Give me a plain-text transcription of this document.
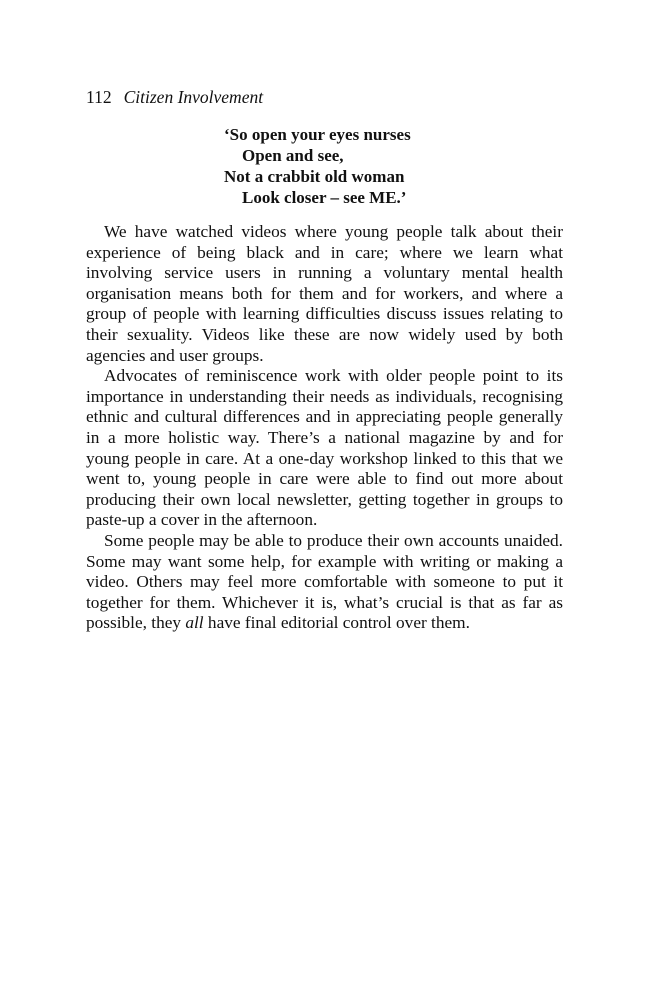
112 Citizen Involvement
‘So open your eyes nurses
Open and see,
Not a crabbit old woman
Look closer – see ME.’

We have watched videos where young people talk about their experience of being black and in care; where we learn what involving service users in running a voluntary mental health organisation means both for them and for workers, and where a group of people with learning difficulties discuss issues relating to their sexuality. Videos like these are now widely used by both agencies and user groups.

Advocates of reminiscence work with older people point to its importance in understanding their needs as individuals, recognising ethnic and cultural differences and in appreciating people generally in a more holistic way. There’s a national magazine by and for young people in care. At a one-day workshop linked to this that we went to, young people in care were able to find out more about producing their own local newsletter, getting together in groups to paste-up a cover in the afternoon.

Some people may be able to produce their own accounts unaided. Some may want some help, for example with writing or making a video. Others may feel more comfortable with someone to put it together for them. Whichever it is, what’s crucial is that as far as possible, they all have final editorial control over them.
